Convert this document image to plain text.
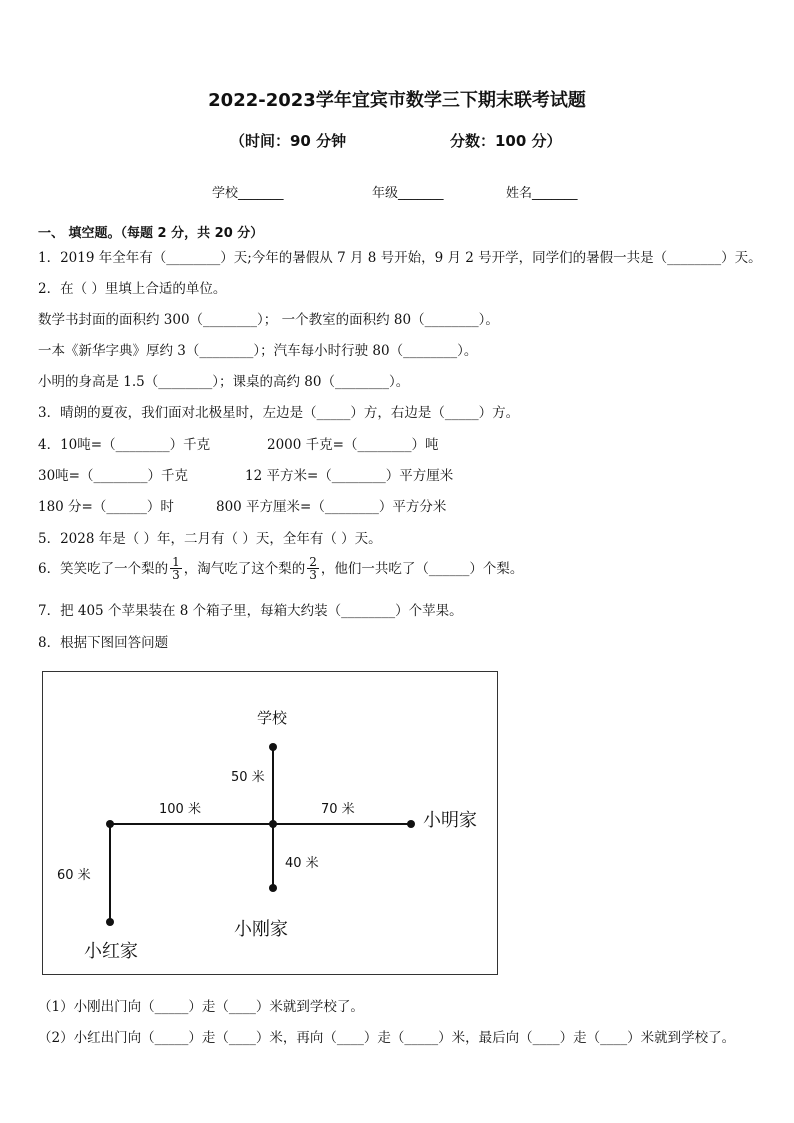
2022-2023学年宜宾市数学三下期末联考试题
（时间：90 分钟	分数：100 分）
学校_______	年级_______	姓名_______
一、 填空题。（每题 2 分，共 20 分）
1．2019 年全年有（________）天;今年的暑假从 7 月 8 号开始，9 月 2 号开学，同学们的暑假一共是（________）天。
2．在（ ）里填上合适的单位。
数学书封面的面积约 300（________）； 一个教室的面积约 80（________）。
一本《新华字典》厚约 3（________）；汽车每小时行驶 80（________）。
小明的身高是 1.5（________）；课桌的高约 80（________）。
3．晴朗的夏夜，我们面对北极星时，左边是（_____）方，右边是（_____）方。
4．10吨=（________）千克	2000 千克=（________）吨
30吨=（________）千克	12 平方米=（________）平方厘米
180 分=（______）时	800 平方厘米=（________）平方分米
5．2028 年是（ ）年，二月有（ ）天，全年有（ ）天。
6．笑笑吃了一个梨的 $\frac{1}{3}$ ，淘气吃了这个梨的 $\frac{2}{3}$ ，他们一共吃了（______）个梨。
7．把 405 个苹果装在 8 个箱子里，每箱大约装（________）个苹果。
8．根据下图回答问题
学校
50 米
100 米	70 米
小明家
40 米
60 米
小刚家
小红家
（1）小刚出门向（_____）走（____）米就到学校了。
（2）小红出门向（_____）走（____）米，再向（____）走（_____）米，最后向（____）走（____）米就到学校了。
